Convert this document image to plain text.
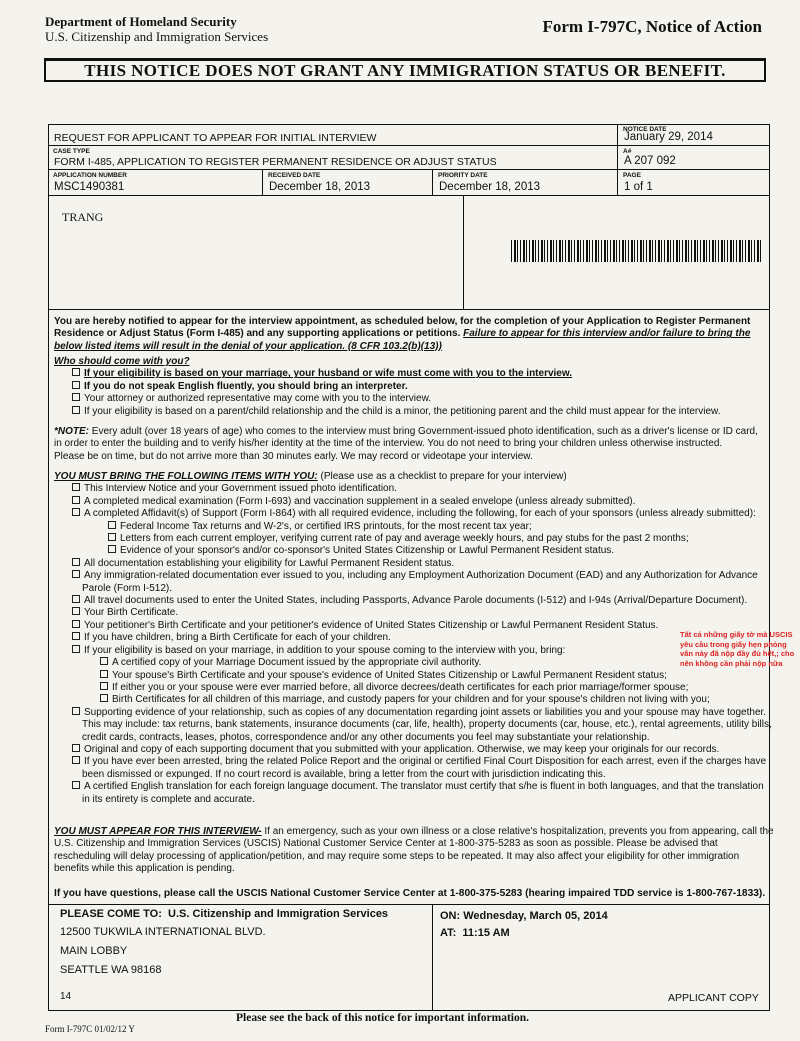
Department of Homeland Security
U.S. Citizenship and Immigration Services
Form I-797C, Notice of Action
THIS NOTICE DOES NOT GRANT ANY IMMIGRATION STATUS OR BENEFIT.
REQUEST FOR APPLICANT TO APPEAR FOR INITIAL INTERVIEW
NOTICE DATE
January 29, 2014
CASE TYPE
FORM I-485, APPLICATION TO REGISTER PERMANENT RESIDENCE OR ADJUST STATUS
A#
A 207 092
APPLICATION NUMBER
MSC1490381
RECEIVED DATE
December 18, 2013
PRIORITY DATE
December 18, 2013
PAGE
1 of 1
TRANG
You are hereby notified to appear for the interview appointment, as scheduled below, for the completion of your Application to Register Permanent Residence or Adjust Status (Form I-485) and any supporting applications or petitions. Failure to appear for this interview and/or failure to bring the below listed items will result in the denial of your application. (8 CFR 103.2(b)(13))
Who should come with you?
If your eligibility is based on your marriage, your husband or wife must come with you to the interview.
If you do not speak English fluently, you should bring an interpreter.
Your attorney or authorized representative may come with you to the interview.
If your eligibility is based on a parent/child relationship and the child is a minor, the petitioning parent and the child must appear for the interview.
*NOTE: Every adult (over 18 years of age) who comes to the interview must bring Government-issued photo identification, such as a driver's license or ID card,
in order to enter the building and to verify his/her identity at the time of the interview. You do not need to bring your children unless otherwise instructed.
Please be on time, but do not arrive more than 30 minutes early. We may record or videotape your interview.
YOU MUST BRING THE FOLLOWING ITEMS WITH YOU: (Please use as a checklist to prepare for your interview)
This Interview Notice and your Government issued photo identification.
A completed medical examination (Form I-693) and vaccination supplement in a sealed envelope (unless already submitted).
A completed Affidavit(s) of Support (Form I-864) with all required evidence, including the following, for each of your sponsors (unless already submitted):
Federal Income Tax returns and W-2's, or certified IRS printouts, for the most recent tax year;
Letters from each current employer, verifying current rate of pay and average weekly hours, and pay stubs for the past 2 months;
Evidence of your sponsor's and/or co-sponsor's United States Citizenship or Lawful Permanent Resident status.
All documentation establishing your eligibility for Lawful Permanent Resident status.
Any immigration-related documentation ever issued to you, including any Employment Authorization Document (EAD) and any Authorization for Advance
Parole (Form I-512).
All travel documents used to enter the United States, including Passports, Advance Parole documents (I-512) and I-94s (Arrival/Departure Document).
Your Birth Certificate.
Your petitioner's Birth Certificate and your petitioner's evidence of United States Citizenship or Lawful Permanent Resident Status.
If you have children, bring a Birth Certificate for each of your children.
If your eligibility is based on your marriage, in addition to your spouse coming to the interview with you, bring:
A certified copy of your Marriage Document issued by the appropriate civil authority.
Your spouse's Birth Certificate and your spouse's evidence of United States Citizenship or Lawful Permanent Resident status;
If either you or your spouse were ever married before, all divorce decrees/death certificates for each prior marriage/former spouse;
Birth Certificates for all children of this marriage, and custody papers for your children and for your spouse's children not living with you;
Supporting evidence of your relationship, such as copies of any documentation regarding joint assets or liabilities you and your spouse may have together.
This may include: tax returns, bank statements, insurance documents (car, life, health), property documents (car, house, etc.), rental agreements, utility bills,
credit cards, contracts, leases, photos, correspondence and/or any other documents you feel may substantiate your relationship.
Original and copy of each supporting document that you submitted with your application. Otherwise, we may keep your originals for our records.
If you have ever been arrested, bring the related Police Report and the original or certified Final Court Disposition for each arrest, even if the charges have
been dismissed or expunged. If no court record is available, bring a letter from the court with jurisdiction indicating this.
A certified English translation for each foreign language document. The translator must certify that s/he is fluent in both languages, and that the translation
in its entirety is complete and accurate.
Tất cả những giấy tờ mà USCIS yêu cầu trong giấy hẹn phỏng vấn này đã nộp đầy đủ hết,; cho nên không cần phải nộp nữa
YOU MUST APPEAR FOR THIS INTERVIEW- If an emergency, such as your own illness or a close relative's hospitalization, prevents you from appearing, call the
U.S. Citizenship and Immigration Services (USCIS) National Customer Service Center at 1-800-375-5283 as soon as possible. Please be advised that
rescheduling will delay processing of application/petition, and may require some steps to be repeated. It may also affect your eligibility for other immigration
benefits while this application is pending.
If you have questions, please call the USCIS National Customer Service Center at 1-800-375-5283 (hearing impaired TDD service is 1-800-767-1833).
PLEASE COME TO: U.S. Citizenship and Immigration Services
12500 TUKWILA INTERNATIONAL BLVD.
MAIN LOBBY
SEATTLE WA 98168
14
ON: Wednesday, March 05, 2014
AT: 11:15 AM
APPLICANT COPY
Please see the back of this notice for important information.
Form I-797C 01/02/12 Y
